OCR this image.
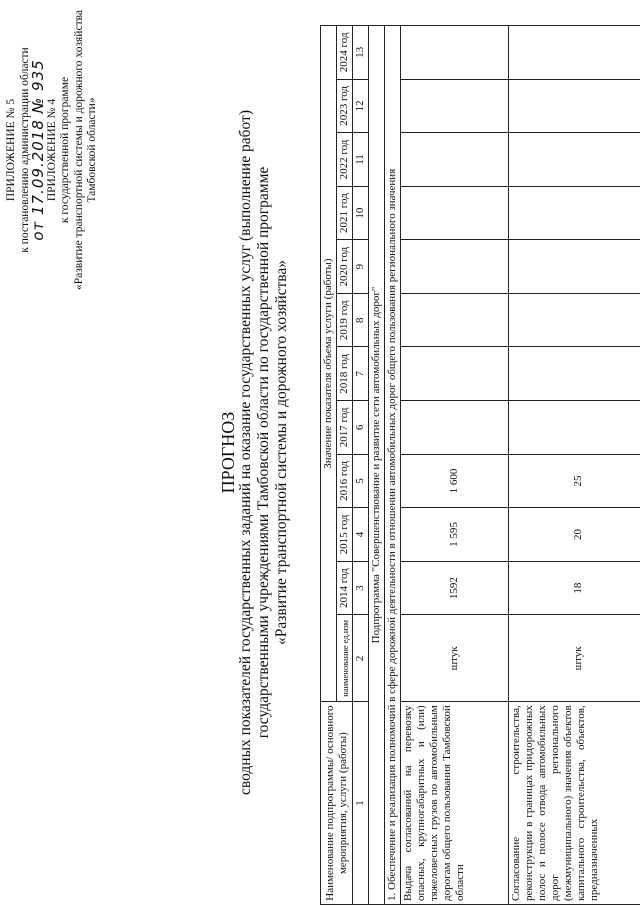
ПРИЛОЖЕНИЕ № 5 к постановлению администрации области
от 17.09.2018 № 935
ПРИЛОЖЕНИЕ № 4 к государственной программе «Развитие транспортной системы и дорожного хозяйства Тамбовской области»
ПРОГНОЗ сводных показателей государственных заданий на оказание государственных услуг (выполнение работ) государственными учреждениями Тамбовской области по государственной программе «Развитие транспортной системы и дорожного хозяйства»
Наименование подпрограммы/ основного мероприятия, услуги (работы)	Значение показателя объема услуги (работы)											
	наименование ед.изм	2014 год	2015 год	2016 год	2017 год	2018 год	2019 год	2020 год	2021 год	2022 год	2023 год	2024 год
1	2	3	4	5	6	7	8	9	10	11	12	13
Подпрограмма "Совершенствование и развитие сети автомобильных дорог"												
1. Обеспечение и реализация полномочий в сфере дорожной деятельности в отношении автомобильных дорог общего пользования регионального значения												
Выдача согласований на перевозку опасных, крупногабаритных и (или) тяжеловесных грузов по автомобильным дорогам общего пользования Тамбовской области	штук	1592	1 595	1 600								
Согласование строительства, реконструкции в границах придорожных полос и полосе отвода автомобильных дорог регионального (межмуниципального) значения объектов капитального строительства, объектов, предназначенных	штук	18	20	25								
